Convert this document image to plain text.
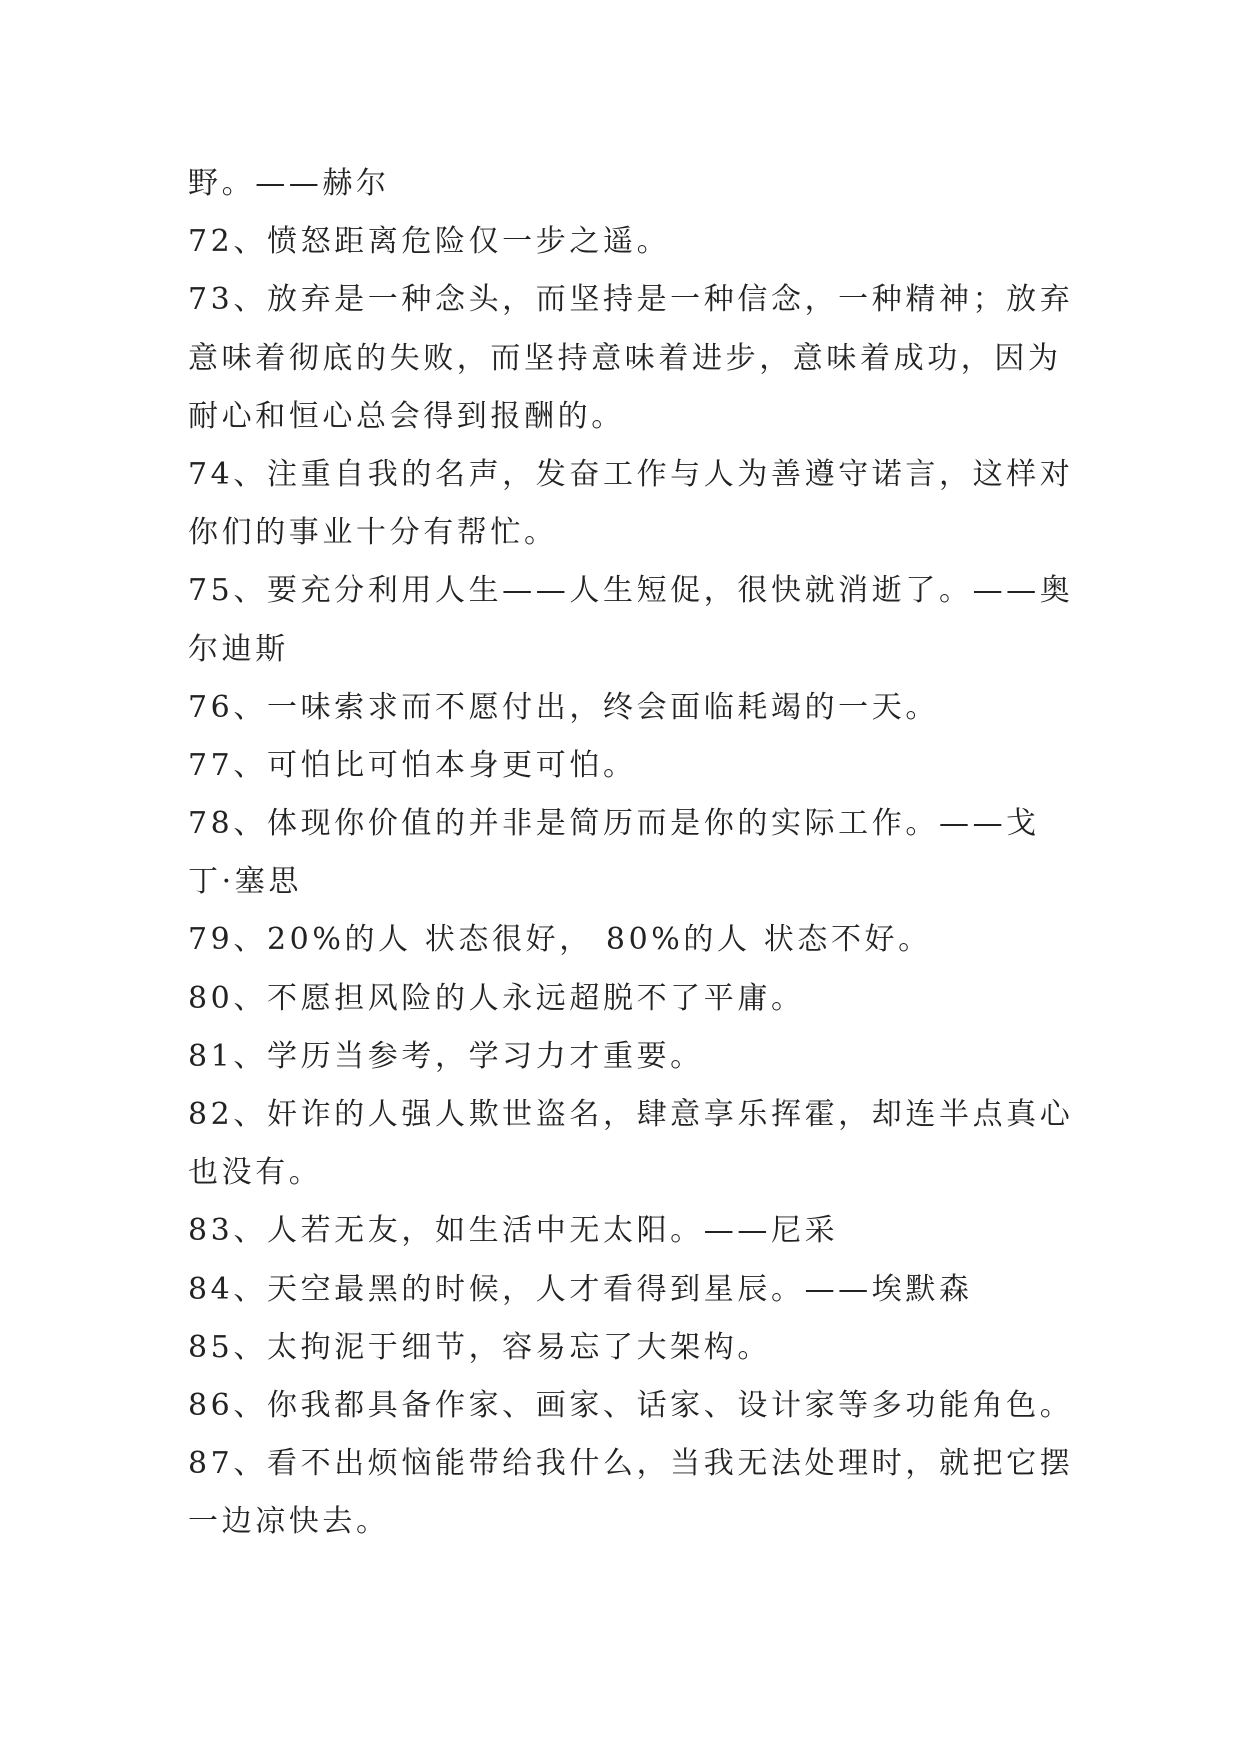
野。——赫尔
72、愤怒距离危险仅一步之遥。
73、放弃是一种念头，而坚持是一种信念，一种精神；放弃
意味着彻底的失败，而坚持意味着进步，意味着成功，因为
耐心和恒心总会得到报酬的。
74、注重自我的名声，发奋工作与人为善遵守诺言，这样对
你们的事业十分有帮忙。
75、要充分利用人生——人生短促，很快就消逝了。——奥
尔迪斯
76、一味索求而不愿付出，终会面临耗竭的一天。
77、可怕比可怕本身更可怕。
78、体现你价值的并非是简历而是你的实际工作。——戈
丁·塞思
79、20%的人 状态很好， 80%的人 状态不好。
80、不愿担风险的人永远超脱不了平庸。
81、学历当参考，学习力才重要。
82、奸诈的人强人欺世盗名，肆意享乐挥霍，却连半点真心
也没有。
83、人若无友，如生活中无太阳。——尼采
84、天空最黑的时候，人才看得到星辰。——埃默森
85、太拘泥于细节，容易忘了大架构。
86、你我都具备作家、画家、话家、设计家等多功能角色。
87、看不出烦恼能带给我什么，当我无法处理时，就把它摆
一边凉快去。
